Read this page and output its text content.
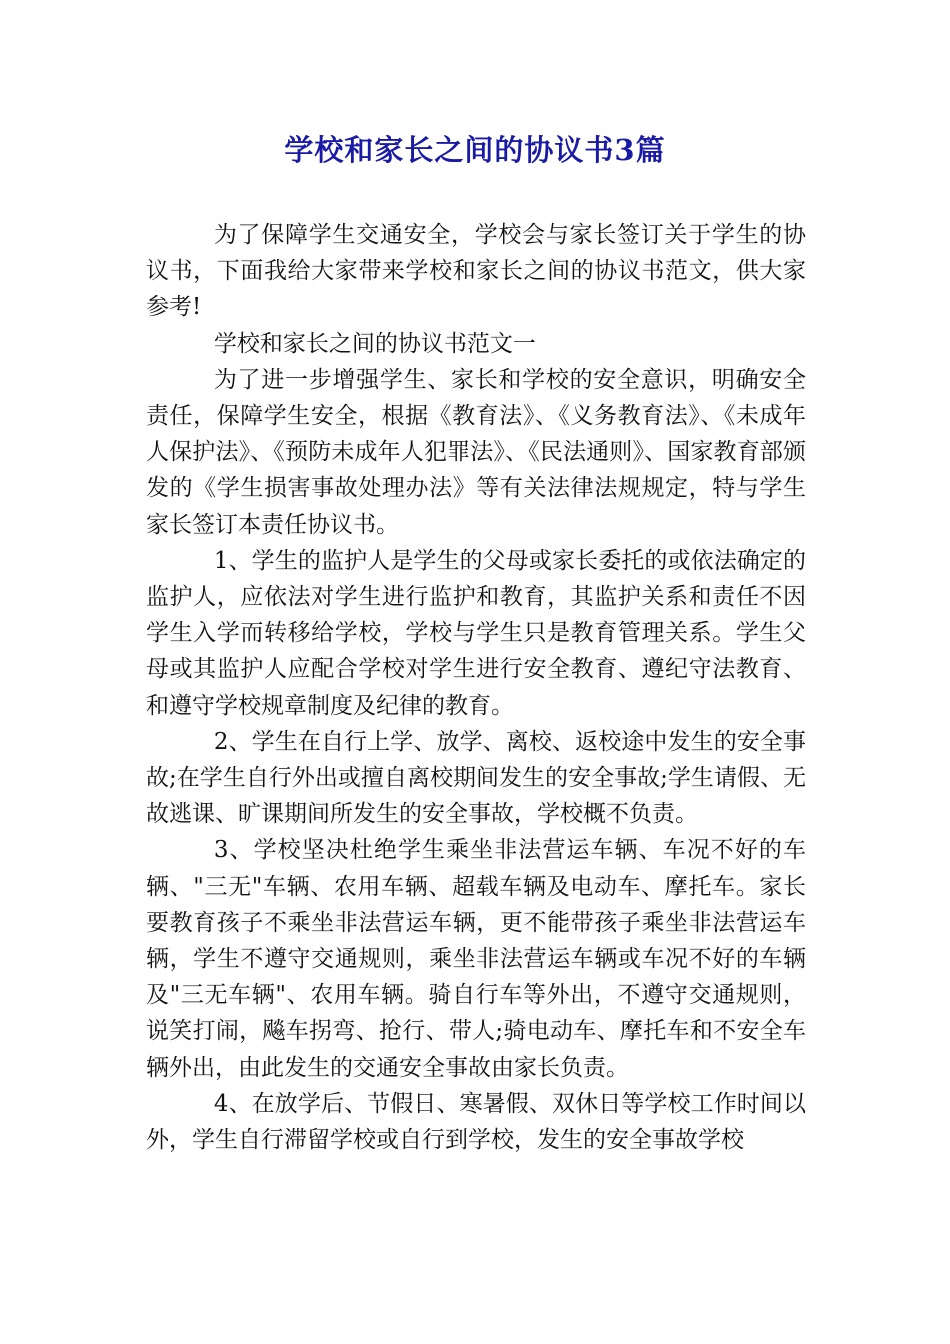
学校和家长之间的协议书3篇

为了保障学生交通安全，学校会与家长签订关于学生的协议书，下面我给大家带来学校和家长之间的协议书范文，供大家参考!

学校和家长之间的协议书范文一

为了进一步增强学生、家长和学校的安全意识，明确安全责任，保障学生安全，根据《教育法》、《义务教育法》、《未成年人保护法》、《预防未成年人犯罪法》、《民法通则》、国家教育部颁发的《学生损害事故处理办法》等有关法律法规规定，特与学生家长签订本责任协议书。

1、学生的监护人是学生的父母或家长委托的或依法确定的监护人，应依法对学生进行监护和教育，其监护关系和责任不因学生入学而转移给学校，学校与学生只是教育管理关系。学生父母或其监护人应配合学校对学生进行安全教育、遵纪守法教育、和遵守学校规章制度及纪律的教育。

2、学生在自行上学、放学、离校、返校途中发生的安全事故;在学生自行外出或擅自离校期间发生的安全事故;学生请假、无故逃课、旷课期间所发生的安全事故，学校概不负责。

3、学校坚决杜绝学生乘坐非法营运车辆、车况不好的车辆、"三无"车辆、农用车辆、超载车辆及电动车、摩托车。家长要教育孩子不乘坐非法营运车辆，更不能带孩子乘坐非法营运车辆，学生不遵守交通规则，乘坐非法营运车辆或车况不好的车辆及"三无车辆"、农用车辆。骑自行车等外出，不遵守交通规则，说笑打闹，飚车拐弯、抢行、带人;骑电动车、摩托车和不安全车辆外出，由此发生的交通安全事故由家长负责。

4、在放学后、节假日、寒暑假、双休日等学校工作时间以外，学生自行滞留学校或自行到学校，发生的安全事故学校
